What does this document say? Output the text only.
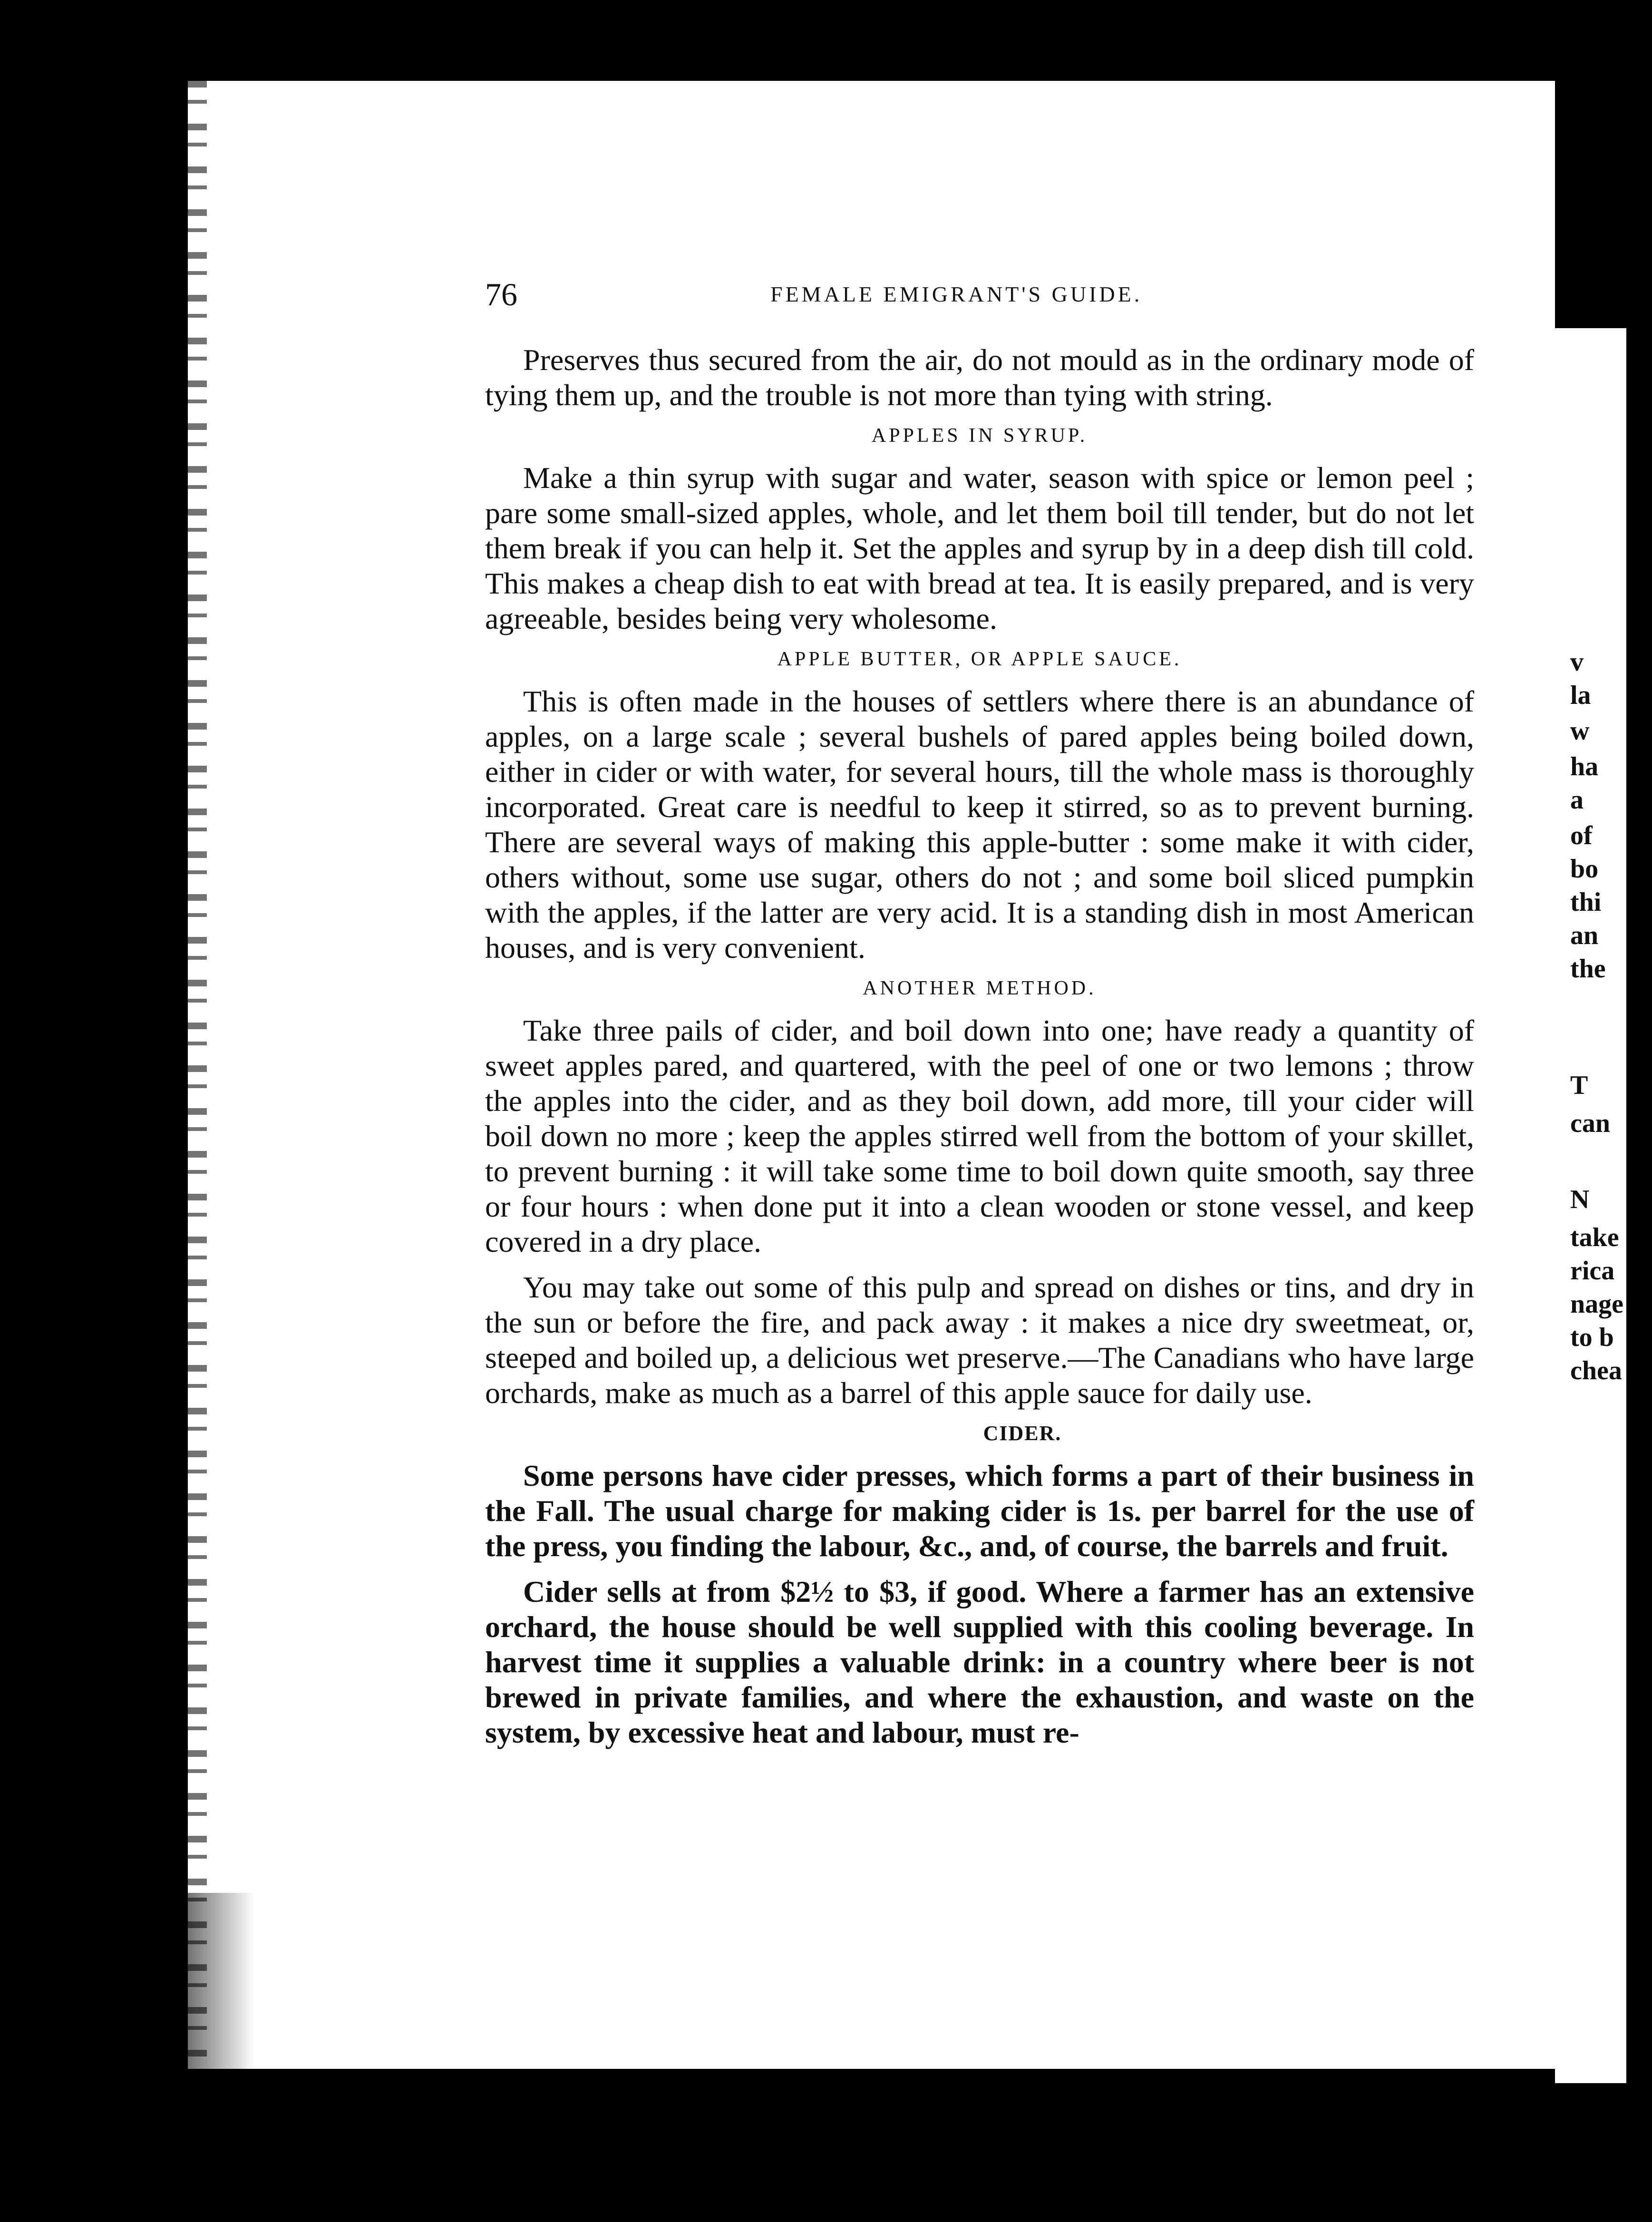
v
la
w
ha
a
of
bo
thi
an
the
T
can
N
take
rica
nage
to b
chea
76	FEMALE EMIGRANT'S GUIDE.

Preserves thus secured from the air, do not mould as in the ordinary mode of tying them up, and the trouble is not more than tying with string.

APPLES IN SYRUP.

Make a thin syrup with sugar and water, season with spice or lemon peel ; pare some small-sized apples, whole, and let them boil till tender, but do not let them break if you can help it. Set the apples and syrup by in a deep dish till cold. This makes a cheap dish to eat with bread at tea. It is easily prepared, and is very agreeable, besides being very wholesome.

APPLE BUTTER, OR APPLE SAUCE.

This is often made in the houses of settlers where there is an abundance of apples, on a large scale ; several bushels of pared apples being boiled down, either in cider or with water, for several hours, till the whole mass is thoroughly incorporated. Great care is needful to keep it stirred, so as to prevent burning. There are several ways of making this apple-butter : some make it with cider, others without, some use sugar, others do not ; and some boil sliced pumpkin with the apples, if the latter are very acid. It is a standing dish in most American houses, and is very convenient.

ANOTHER METHOD.

Take three pails of cider, and boil down into one; have ready a quantity of sweet apples pared, and quartered, with the peel of one or two lemons ; throw the apples into the cider, and as they boil down, add more, till your cider will boil down no more ; keep the apples stirred well from the bottom of your skillet, to prevent burning : it will take some time to boil down quite smooth, say three or four hours : when done put it into a clean wooden or stone vessel, and keep covered in a dry place.

You may take out some of this pulp and spread on dishes or tins, and dry in the sun or before the fire, and pack away : it makes a nice dry sweetmeat, or, steeped and boiled up, a delicious wet preserve.—The Canadians who have large orchards, make as much as a barrel of this apple sauce for daily use.

CIDER.

Some persons have cider presses, which forms a part of their business in the Fall. The usual charge for making cider is 1s. per barrel for the use of the press, you finding the labour, &c., and, of course, the barrels and fruit.

Cider sells at from $2½ to $3, if good. Where a farmer has an extensive orchard, the house should be well supplied with this cooling beverage. In harvest time it supplies a valuable drink: in a country where beer is not brewed in private families, and where the exhaustion, and waste on the system, by excessive heat and labour, must re-
